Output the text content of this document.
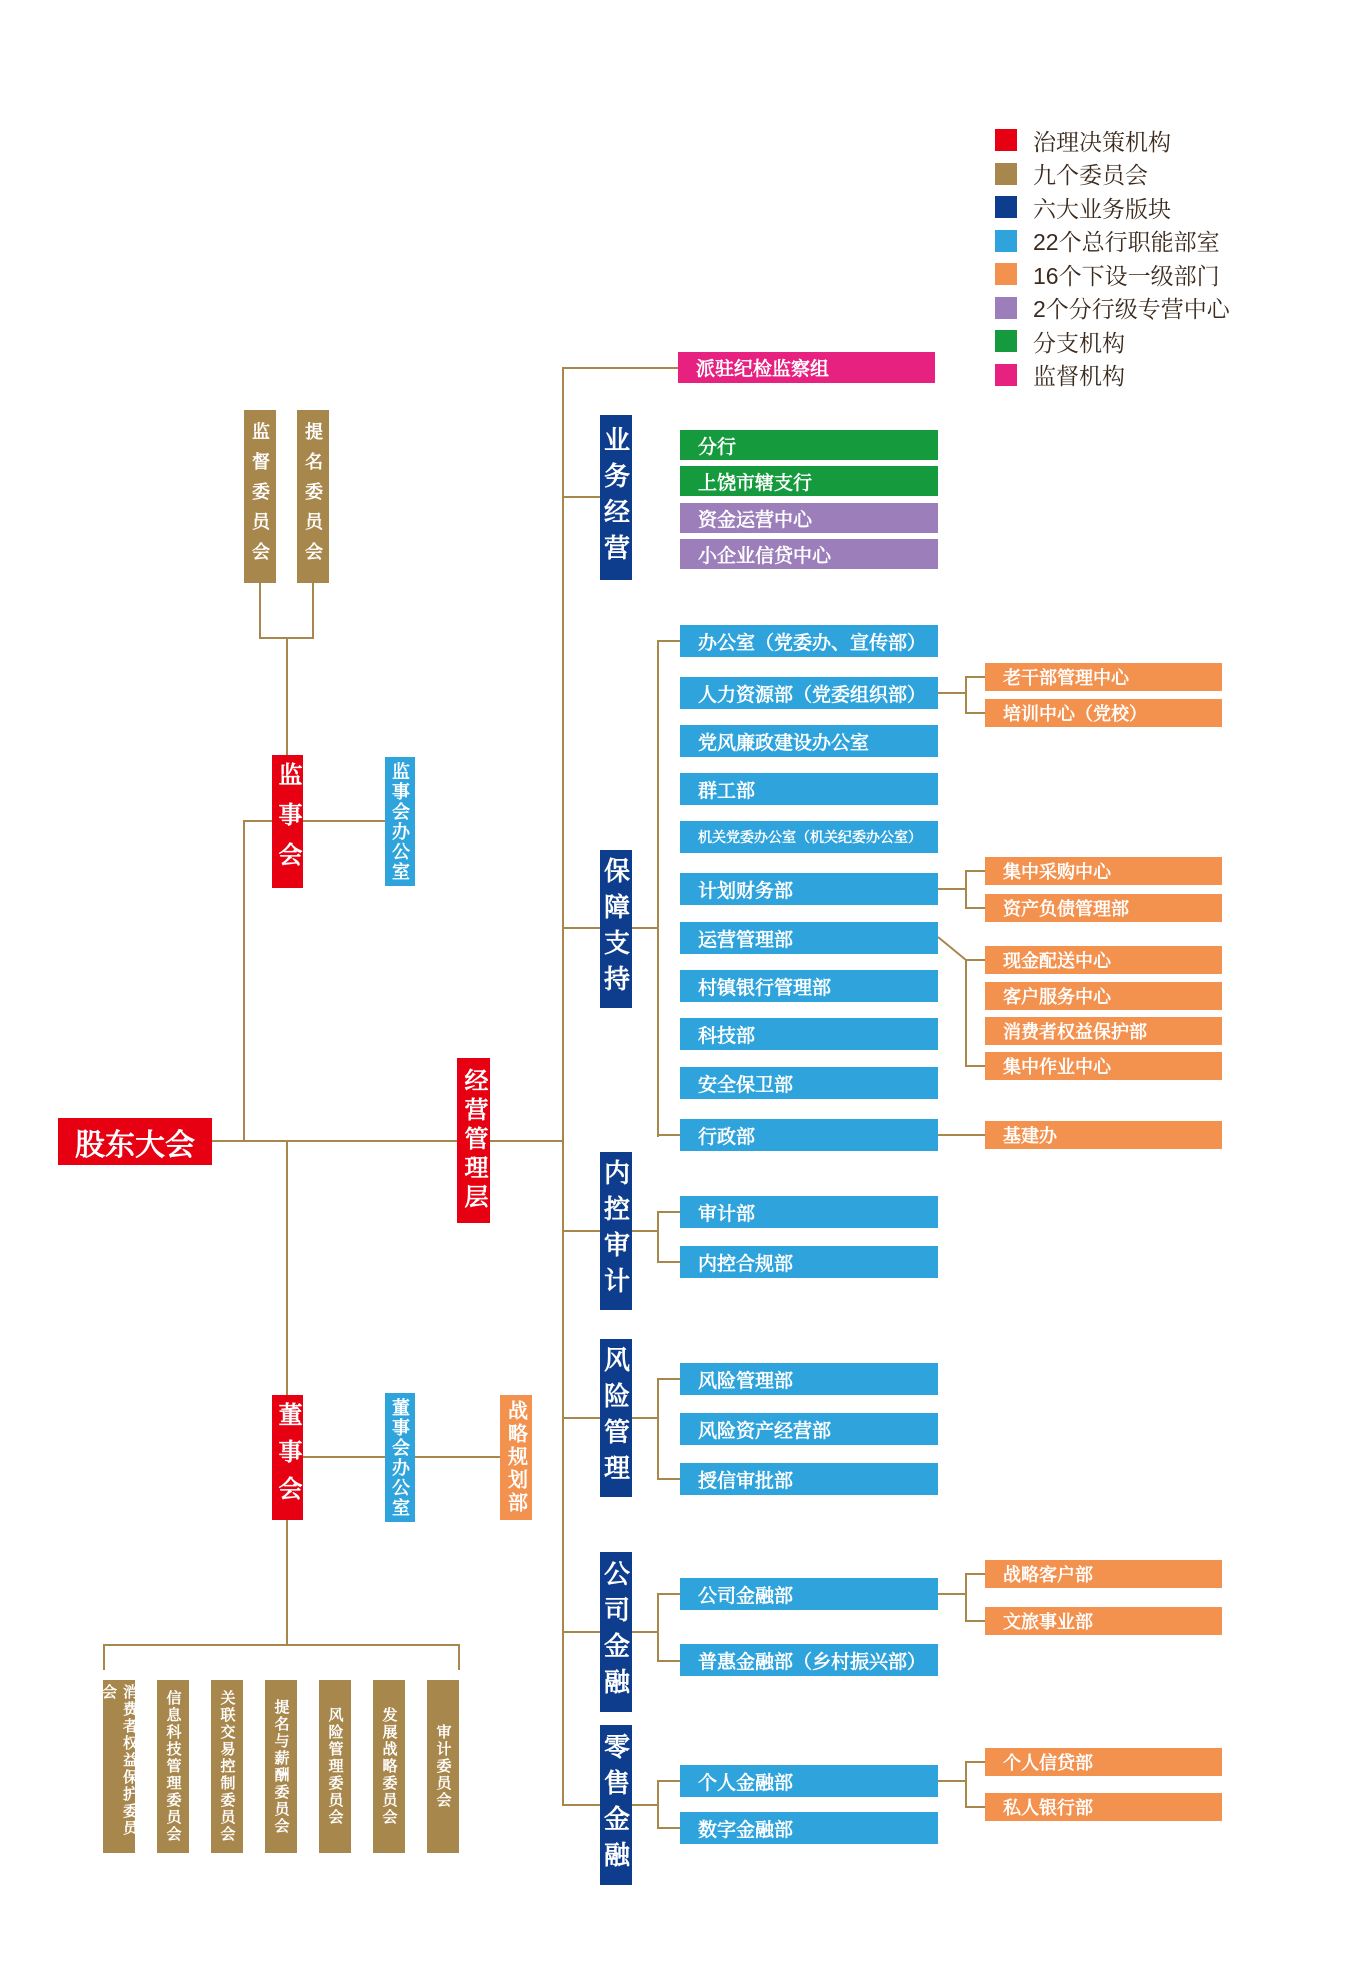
治理决策机构
九个委员会
六大业务版块
22个总行职能部室
16个下设一级部门
2个分行级专营中心
分支机构
监督机构
监督委员会	提名委员会
监事会	监事会办公室
股东大会	经营管理层
董事会	董事会办公室	战略规划部
消费者权益保护委员会	信息科技管理委员会	关联交易控制委员会	提名与薪酬委员会	风险管理委员会	发展战略委员会	审计委员会
派驻纪检监察组
业务经营	分行
上饶市辖支行
资金运营中心
小企业信贷中心
保障支持
办公室（党委办、宣传部）
人力资源部（党委组织部）
党风廉政建设办公室
群工部
机关党委办公室（机关纪委办公室）
计划财务部
运营管理部
村镇银行管理部
科技部
安全保卫部
行政部
老干部管理中心
培训中心（党校）
集中采购中心
资产负债管理部
现金配送中心
客户服务中心
消费者权益保护部
集中作业中心
基建办
内控审计	审计部
内控合规部
风险管理	风险管理部
风险资产经营部
授信审批部
公司金融	公司金融部
普惠金融部（乡村振兴部）
战略客户部
文旅事业部
零售金融	个人金融部
数字金融部
个人信贷部
私人银行部
